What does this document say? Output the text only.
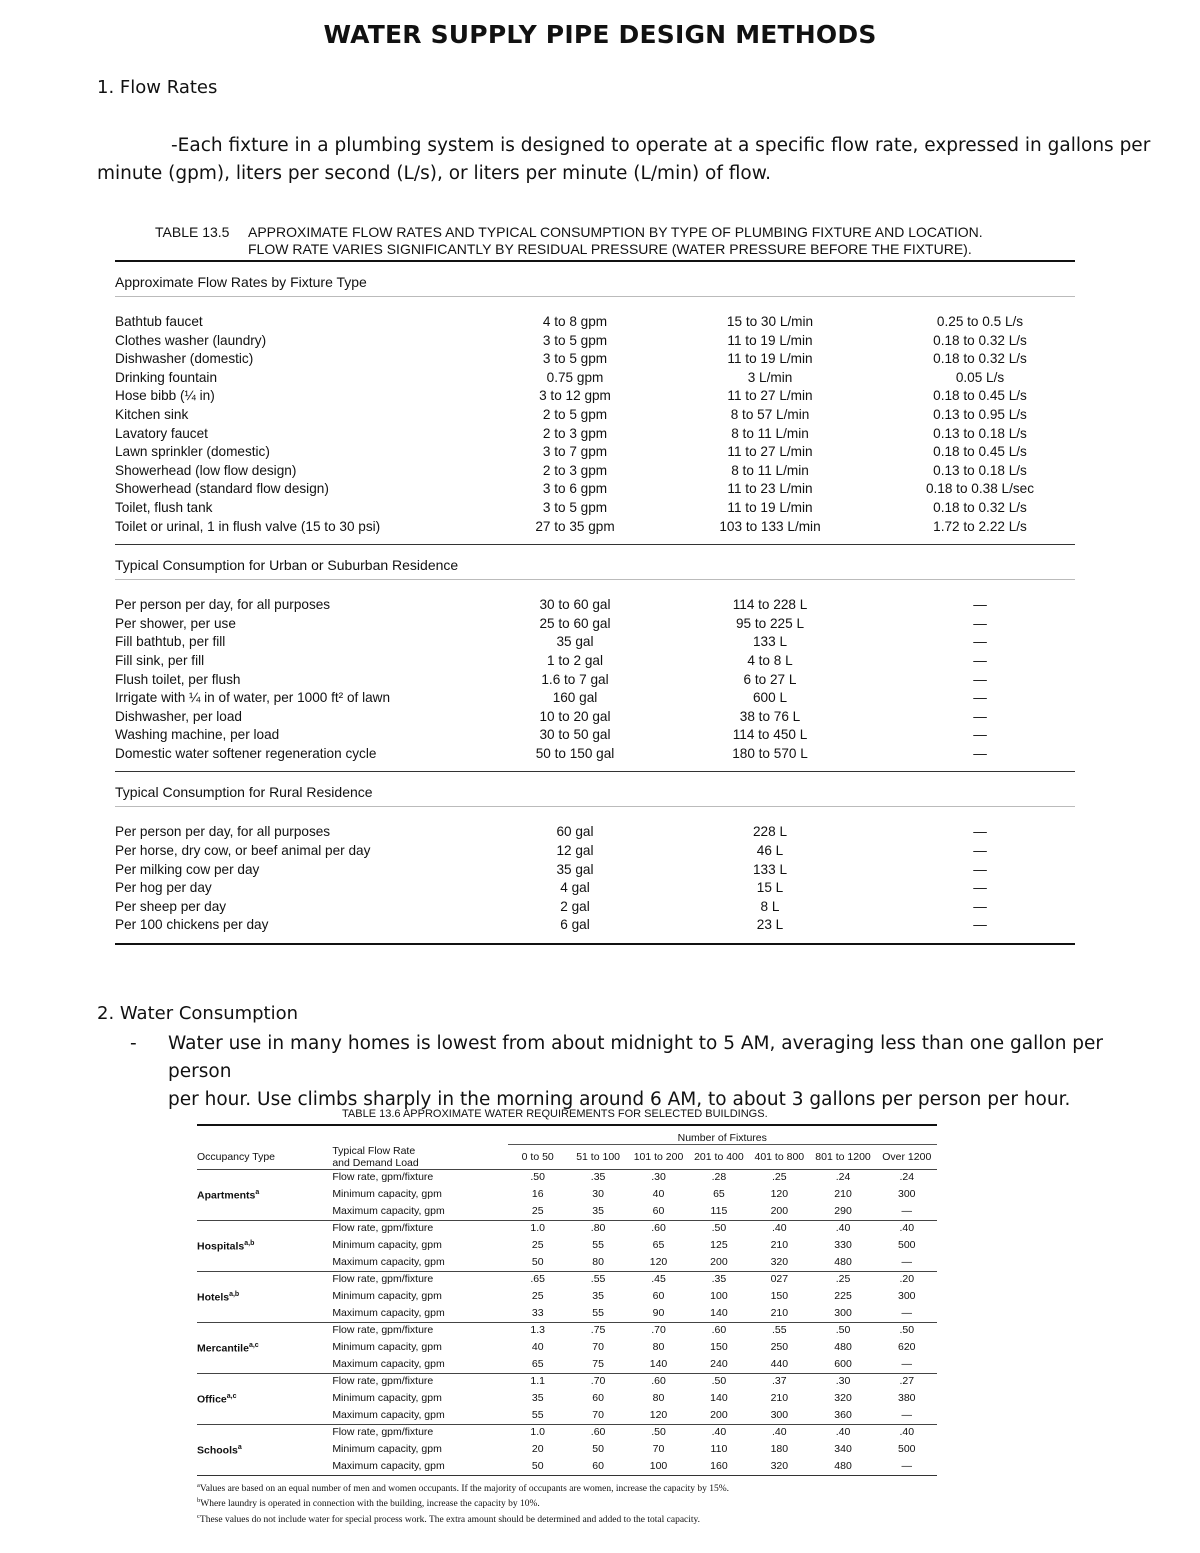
WATER SUPPLY PIPE DESIGN METHODS
1. Flow Rates
-Each fixture in a plumbing system is designed to operate at a specific flow rate, expressed in gallons per
minute (gpm), liters per second (L/s), or liters per minute (L/min) of flow.
TABLE 13.5 APPROXIMATE FLOW RATES AND TYPICAL CONSUMPTION BY TYPE OF PLUMBING FIXTURE AND LOCATION.
FLOW RATE VARIES SIGNIFICANTLY BY RESIDUAL PRESSURE (WATER PRESSURE BEFORE THE FIXTURE).
Approximate Flow Rates by Fixture Type
Bathtub faucet	4 to 8 gpm	15 to 30 L/min	0.25 to 0.5 L/s
Clothes washer (laundry)	3 to 5 gpm	11 to 19 L/min	0.18 to 0.32 L/s
Dishwasher (domestic)	3 to 5 gpm	11 to 19 L/min	0.18 to 0.32 L/s
Drinking fountain	0.75 gpm	3 L/min	0.05 L/s
Hose bibb (¼ in)	3 to 12 gpm	11 to 27 L/min	0.18 to 0.45 L/s
Kitchen sink	2 to 5 gpm	8 to 57 L/min	0.13 to 0.95 L/s
Lavatory faucet	2 to 3 gpm	8 to 11 L/min	0.13 to 0.18 L/s
Lawn sprinkler (domestic)	3 to 7 gpm	11 to 27 L/min	0.18 to 0.45 L/s
Showerhead (low flow design)	2 to 3 gpm	8 to 11 L/min	0.13 to 0.18 L/s
Showerhead (standard flow design)	3 to 6 gpm	11 to 23 L/min	0.18 to 0.38 L/sec
Toilet, flush tank	3 to 5 gpm	11 to 19 L/min	0.18 to 0.32 L/s
Toilet or urinal, 1 in flush valve (15 to 30 psi)	27 to 35 gpm	103 to 133 L/min	1.72 to 2.22 L/s
Typical Consumption for Urban or Suburban Residence
Per person per day, for all purposes	30 to 60 gal	114 to 228 L	—
Per shower, per use	25 to 60 gal	95 to 225 L	—
Fill bathtub, per fill	35 gal	133 L	—
Fill sink, per fill	1 to 2 gal	4 to 8 L	—
Flush toilet, per flush	1.6 to 7 gal	6 to 27 L	—
Irrigate with ¼ in of water, per 1000 ft² of lawn	160 gal	600 L	—
Dishwasher, per load	10 to 20 gal	38 to 76 L	—
Washing machine, per load	30 to 50 gal	114 to 450 L	—
Domestic water softener regeneration cycle	50 to 150 gal	180 to 570 L	—
Typical Consumption for Rural Residence
Per person per day, for all purposes	60 gal	228 L	—
Per horse, dry cow, or beef animal per day	12 gal	46 L	—
Per milking cow per day	35 gal	133 L	—
Per hog per day	4 gal	15 L	—
Per sheep per day	2 gal	8 L	—
Per 100 chickens per day	6 gal	23 L	—
2. Water Consumption
- Water use in many homes is lowest from about midnight to 5 AM, averaging less than one gallon per person
per hour. Use climbs sharply in the morning around 6 AM, to about 3 gallons per person per hour.
TABLE 13.6 APPROXIMATE WATER REQUIREMENTS FOR SELECTED BUILDINGS.
		Number of Fixtures						
Occupancy Type	Typical Flow Rate
and Demand Load	0 to 50	51 to 100	101 to 200	201 to 400	401 to 800	801 to 1200	Over 1200
	Flow rate, gpm/fixture	.50	.35	.30	.28	.25	.24	.24
Apartments$^a$	Minimum capacity, gpm	16	30	40	65	120	210	300
	Maximum capacity, gpm	25	35	60	115	200	290	—
	Flow rate, gpm/fixture	1.0	.80	.60	.50	.40	.40	.40
Hospitals$^{a,b}$	Minimum capacity, gpm	25	55	65	125	210	330	500
	Maximum capacity, gpm	50	80	120	200	320	480	—
	Flow rate, gpm/fixture	.65	.55	.45	.35	027	.25	.20
Hotels$^{a,b}$	Minimum capacity, gpm	25	35	60	100	150	225	300
	Maximum capacity, gpm	33	55	90	140	210	300	—
	Flow rate, gpm/fixture	1.3	.75	.70	.60	.55	.50	.50
Mercantile$^{a,c}$	Minimum capacity, gpm	40	70	80	150	250	480	620
	Maximum capacity, gpm	65	75	140	240	440	600	—
	Flow rate, gpm/fixture	1.1	.70	.60	.50	.37	.30	.27
Office$^{a,c}$	Minimum capacity, gpm	35	60	80	140	210	320	380
	Maximum capacity, gpm	55	70	120	200	300	360	—
	Flow rate, gpm/fixture	1.0	.60	.50	.40	.40	.40	.40
Schools$^a$	Minimum capacity, gpm	20	50	70	110	180	340	500
	Maximum capacity, gpm	50	60	100	160	320	480	—
$^a$Values are based on an equal number of men and women occupants. If the majority of occupants are women, increase the capacity by 15%.
$^b$Where laundry is operated in connection with the building, increase the capacity by 10%.
$^c$These values do not include water for special process work. The extra amount should be determined and added to the total capacity.
